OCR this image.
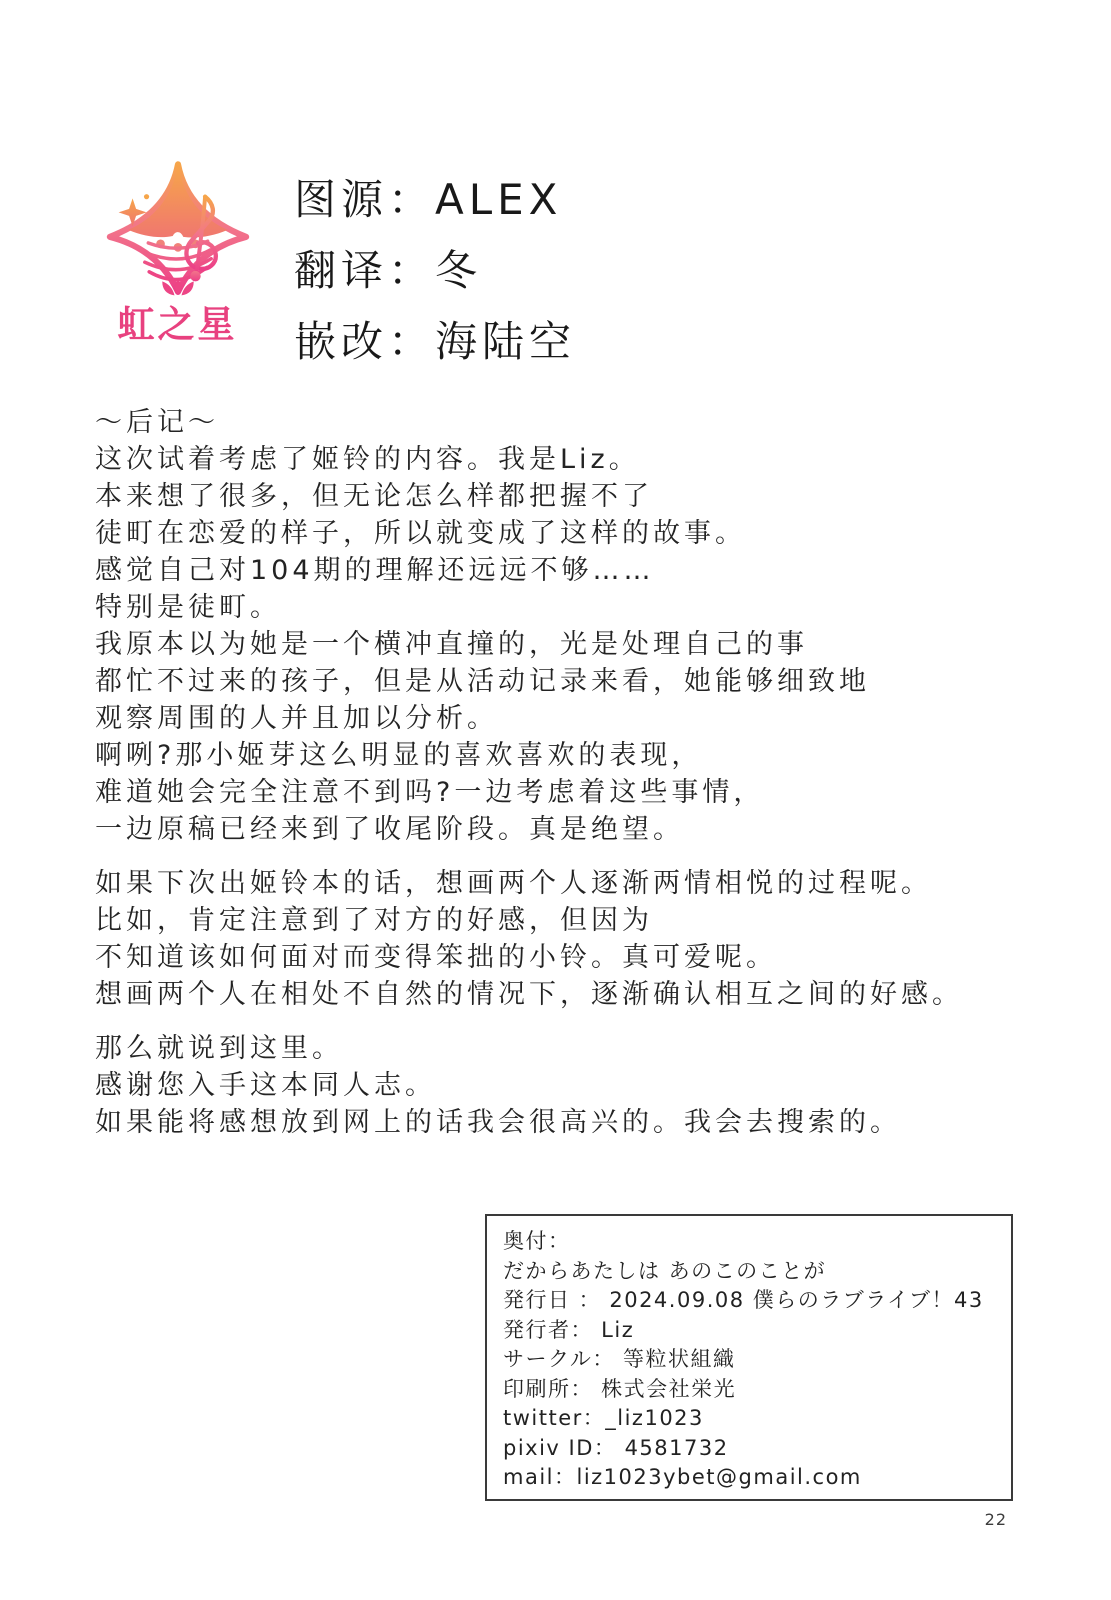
虹之星
图源：ALEX
翻译：冬
嵌改：海陆空
～后记～
这次试着考虑了姬铃的内容。我是Liz。
本来想了很多，但无论怎么样都把握不了
徒町在恋爱的样子，所以就变成了这样的故事。
感觉自己对104期的理解还远远不够……
特别是徒町。
我原本以为她是一个横冲直撞的，光是处理自己的事
都忙不过来的孩子，但是从活动记录来看，她能够细致地
观察周围的人并且加以分析。
啊咧?那小姬芽这么明显的喜欢喜欢的表现，
难道她会完全注意不到吗?一边考虑着这些事情，
一边原稿已经来到了收尾阶段。真是绝望。
如果下次出姬铃本的话，想画两个人逐渐两情相悦的过程呢。
比如，肯定注意到了对方的好感，但因为
不知道该如何面对而变得笨拙的小铃。真可爱呢。
想画两个人在相处不自然的情况下，逐渐确认相互之间的好感。
那么就说到这里。
感谢您入手这本同人志。
如果能将感想放到网上的话我会很高兴的。我会去搜索的。
奥付：
だからあたしは あのこのことが
発行日 ： 2024.09.08 僕らのラブライブ！43
発行者： Liz
サークル： 等粒状組織
印刷所： 株式会社栄光
twitter：_liz1023
pixiv ID： 4581732
mail：liz1023ybet@gmail.com
22
